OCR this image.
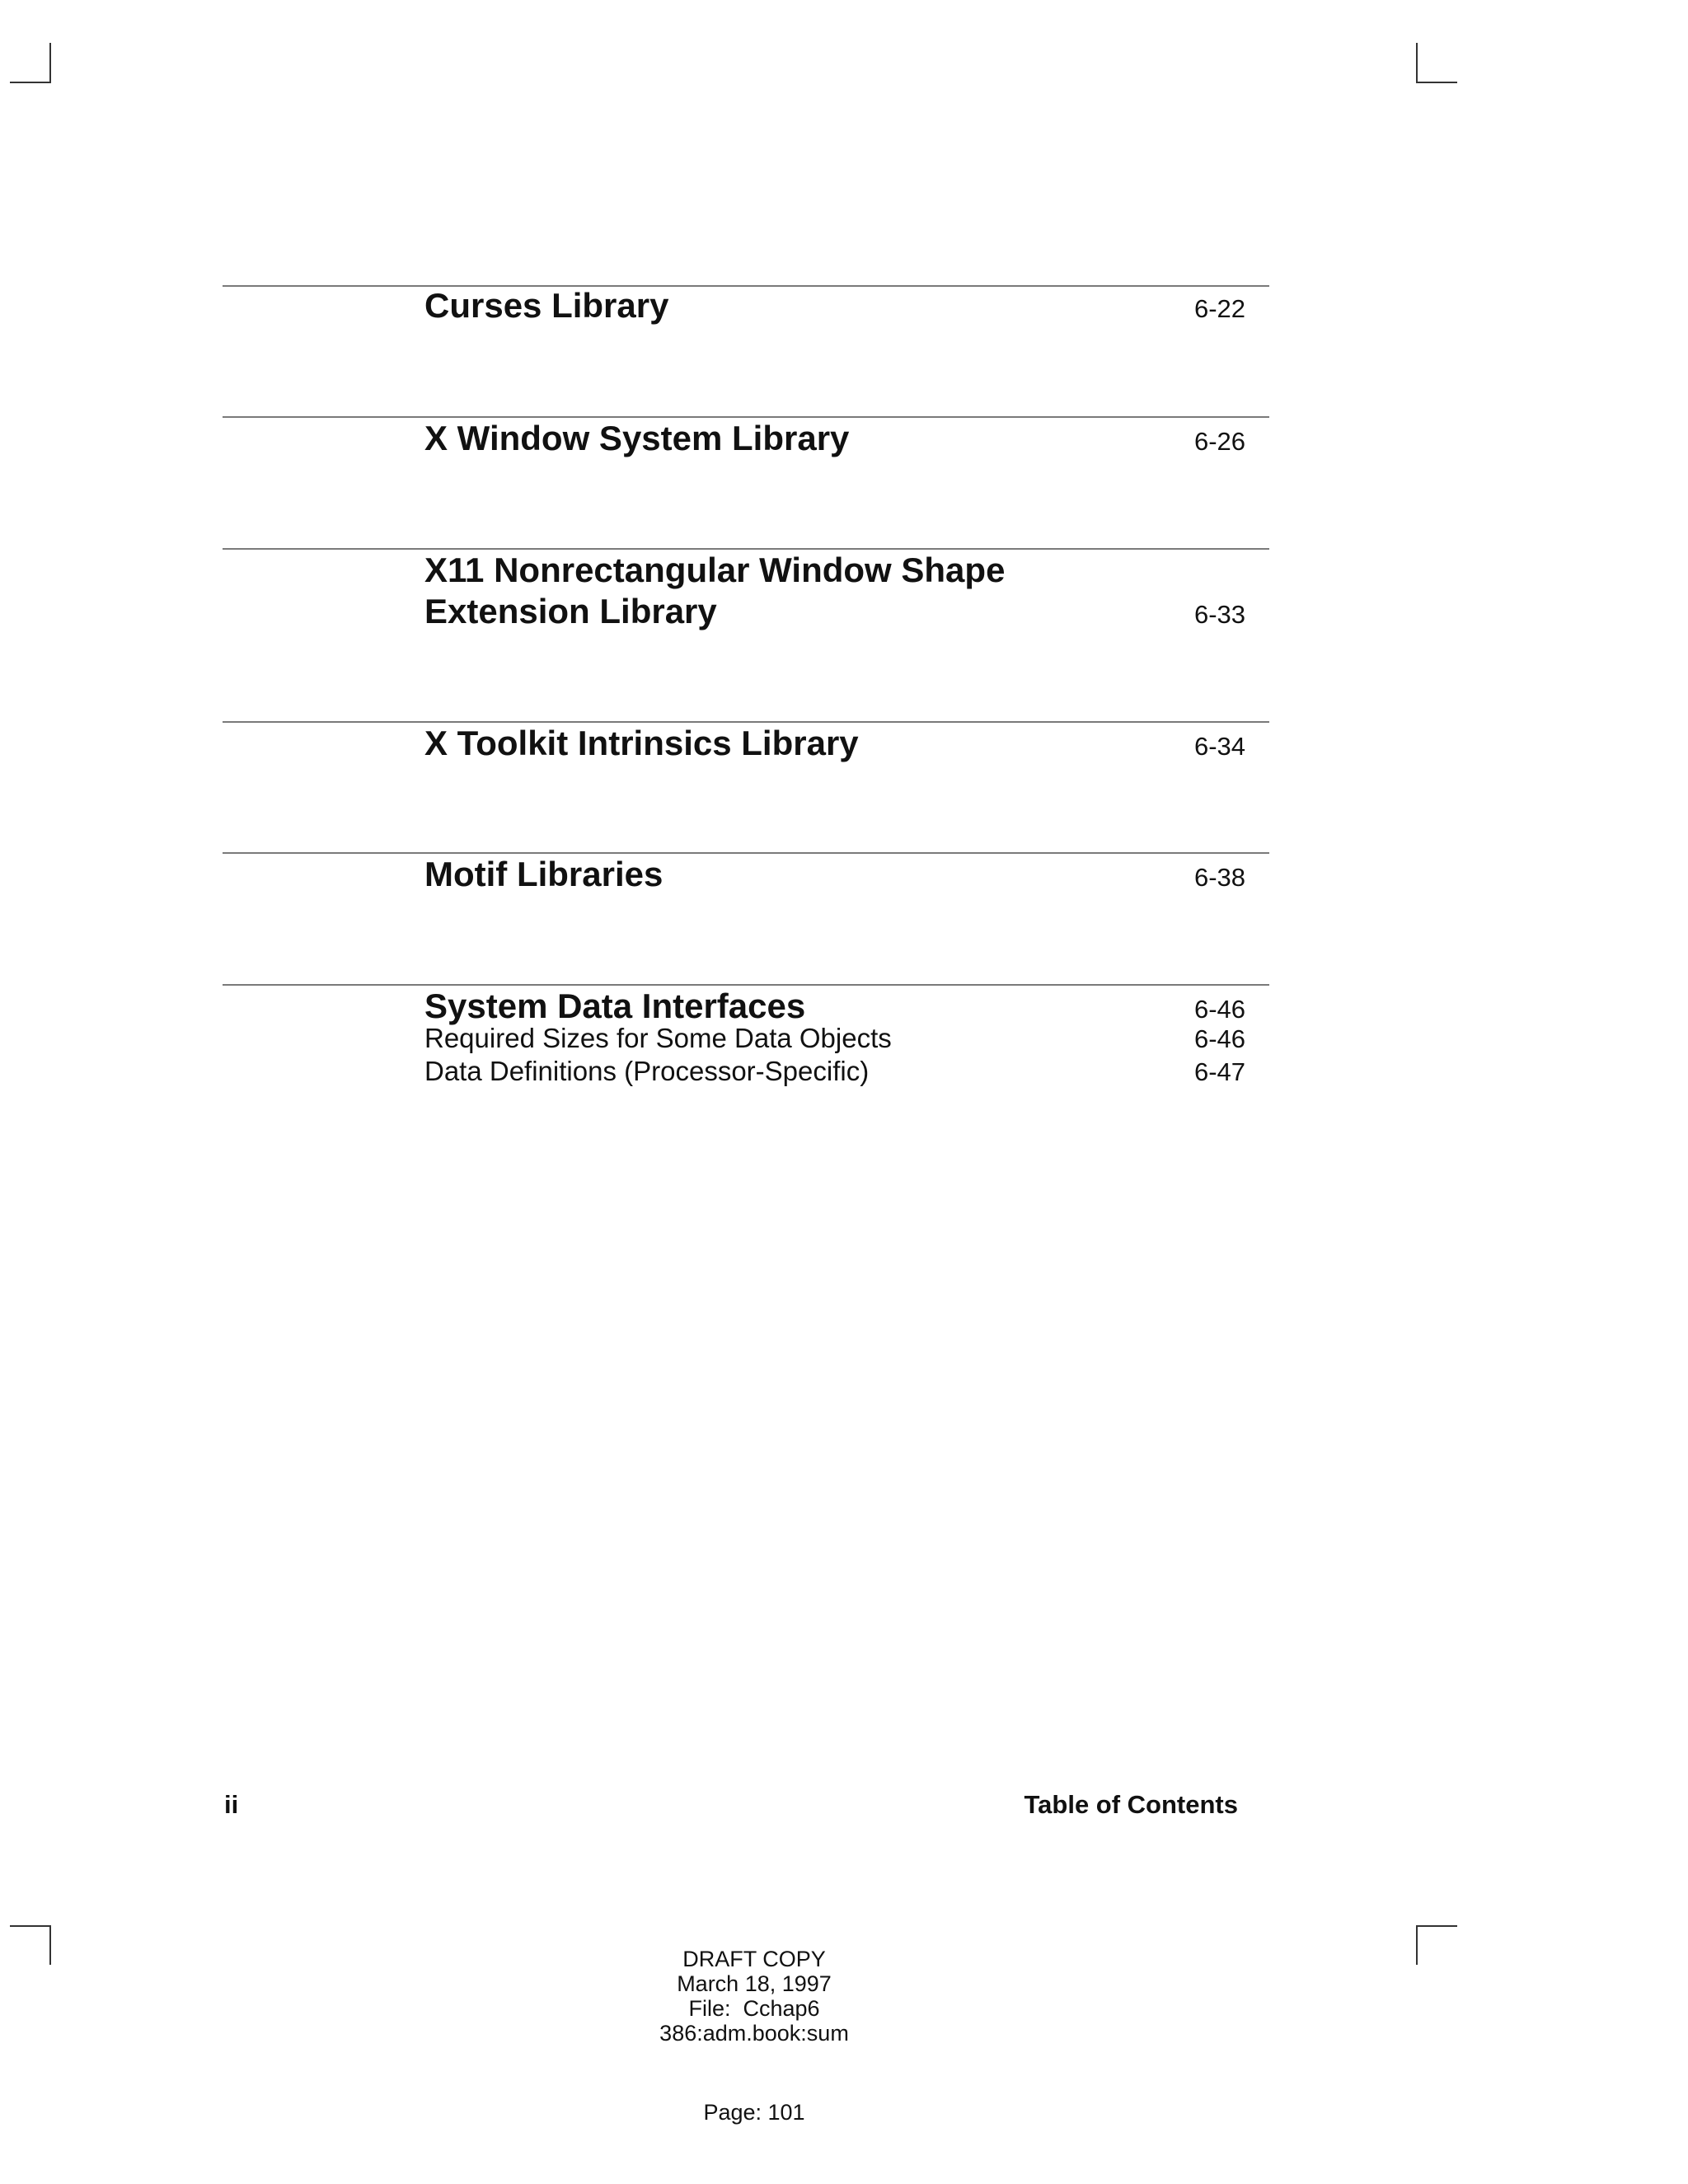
Curses Library	6-22
X Window System Library	6-26
X11 Nonrectangular Window Shape
Extension Library	6-33
X Toolkit Intrinsics Library	6-34
Motif Libraries	6-38
System Data Interfaces	6-46
Required Sizes for Some Data Objects	6-46
Data Definitions (Processor-Specific)	6-47
ii	Table of Contents
DRAFT COPY
March 18, 1997
File:  Cchap6
386:adm.book:sum
Page: 101
